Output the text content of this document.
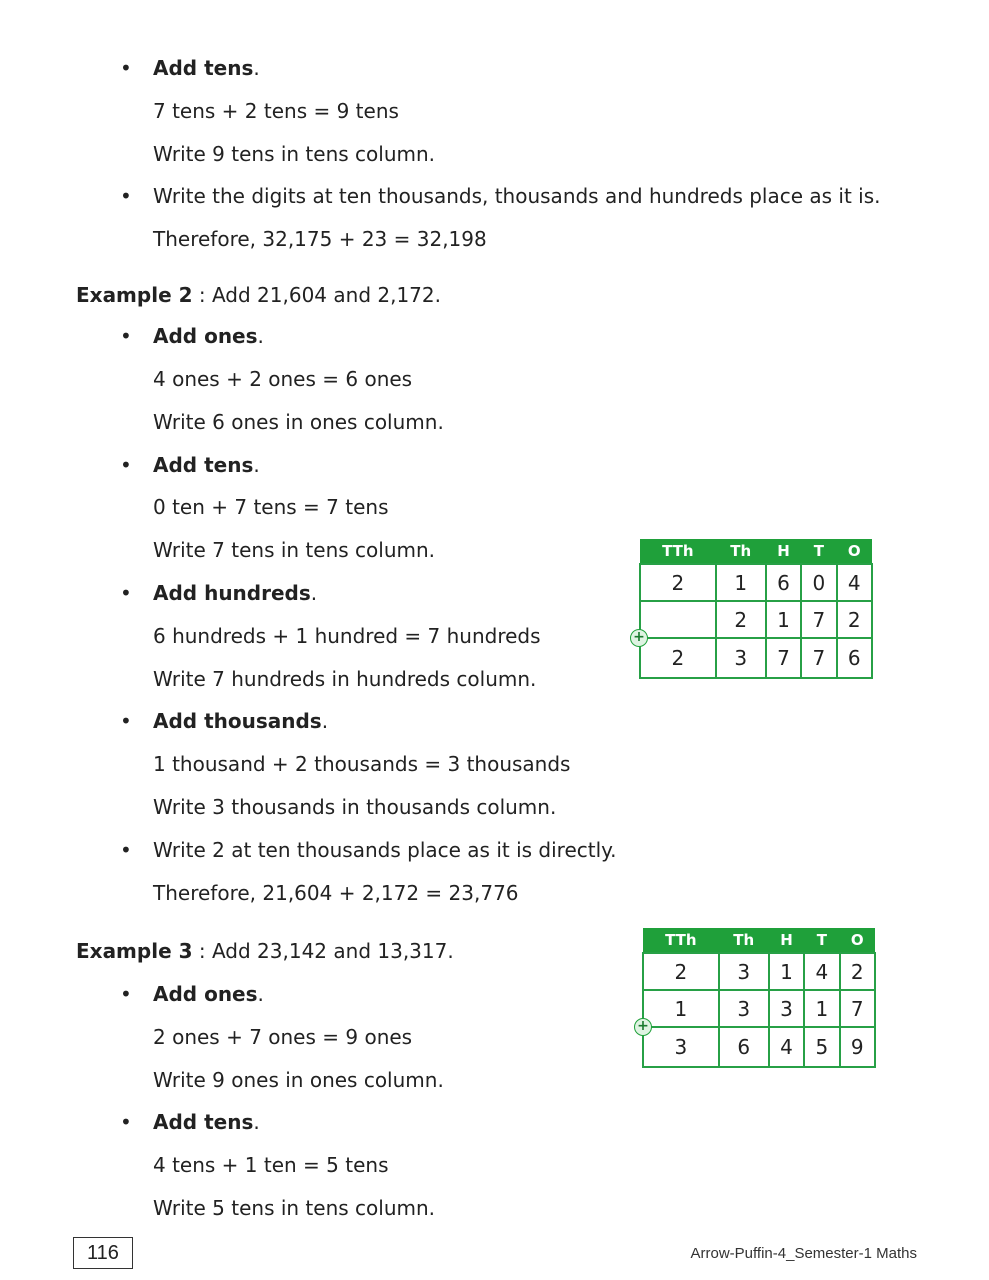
• Add tens.
7 tens + 2 tens = 9 tens
Write 9 tens in tens column.
• Write the digits at ten thousands, thousands and hundreds place as it is.
Therefore, 32,175 + 23 = 32,198
Example 2 : Add 21,604 and 2,172.
• Add ones.
4 ones + 2 ones = 6 ones
Write 6 ones in ones column.
• Add tens.
0 ten + 7 tens = 7 tens
Write 7 tens in tens column.
• Add hundreds.
6 hundreds + 1 hundred = 7 hundreds
Write 7 hundreds in hundreds column.
• Add thousands.
1 thousand + 2 thousands = 3 thousands
Write 3 thousands in thousands column.
• Write 2 at ten thousands place as it is directly.
Therefore, 21,604 + 2,172 = 23,776
TTh	Th	H	T	O
2	1	6	0	4
	2	1	7	2
2	3	7	7	6
+
Example 3 : Add 23,142 and 13,317.
• Add ones.
2 ones + 7 ones = 9 ones
Write 9 ones in ones column.
• Add tens.
4 tens + 1 ten = 5 tens
Write 5 tens in tens column.
TTh	Th	H	T	O
2	3	1	4	2
1	3	3	1	7
3	6	4	5	9
+
116	Arrow-Puffin-4_Semester-1 Maths
